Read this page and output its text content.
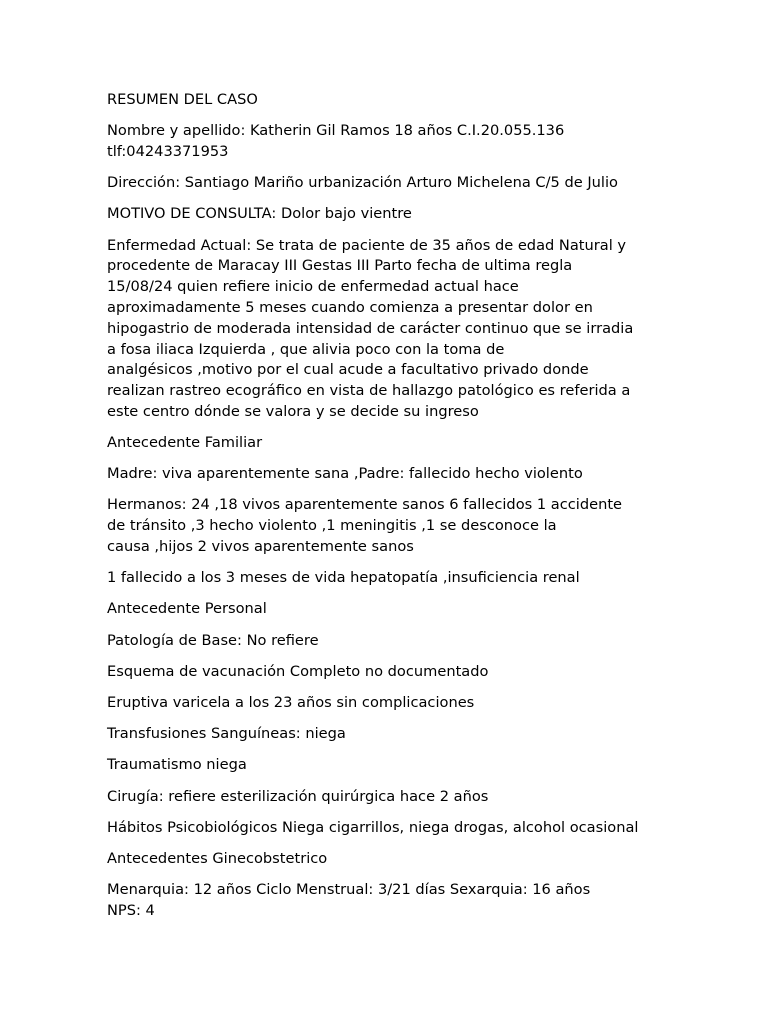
RESUMEN DEL CASO

Nombre y apellido: Katherin Gil Ramos 18 años C.I.20.055.136
tlf:04243371953

Dirección: Santiago Mariño urbanización Arturo Michelena C/5 de Julio

MOTIVO DE CONSULTA: Dolor bajo vientre

Enfermedad Actual: Se trata de paciente de 35 años de edad Natural y
procedente de Maracay III Gestas III Parto fecha de ultima regla
15/08/24 quien refiere inicio de enfermedad actual hace
aproximadamente 5 meses cuando comienza a presentar dolor en
hipogastrio de moderada intensidad de carácter continuo que se irradia
a fosa iliaca Izquierda , que alivia poco con la toma de
analgésicos ,motivo por el cual acude a facultativo privado donde
realizan rastreo ecográfico en vista de hallazgo patológico es referida a
este centro dónde se valora y se decide su ingreso

Antecedente Familiar

Madre: viva aparentemente sana ,Padre: fallecido hecho violento

Hermanos: 24 ,18 vivos aparentemente sanos 6 fallecidos 1 accidente
de tránsito ,3 hecho violento ,1 meningitis ,1 se desconoce la
causa ,hijos 2 vivos aparentemente sanos

1 fallecido a los 3 meses de vida hepatopatía ,insuficiencia renal

Antecedente Personal

Patología de Base: No refiere

Esquema de vacunación Completo no documentado

Eruptiva varicela a los 23 años sin complicaciones

Transfusiones Sanguíneas: niega

Traumatismo niega

Cirugía: refiere esterilización quirúrgica hace 2 años

Hábitos Psicobiológicos Niega cigarrillos, niega drogas, alcohol ocasional

Antecedentes Ginecobstetrico

Menarquia: 12 años Ciclo Menstrual: 3/21 días Sexarquia: 16 años
NPS: 4
